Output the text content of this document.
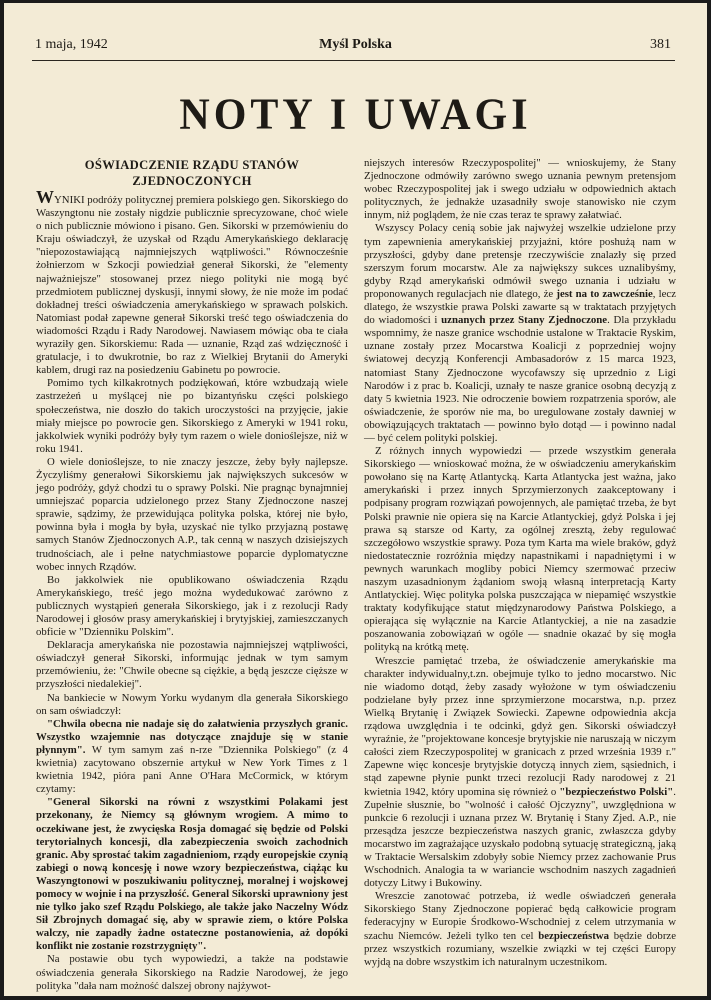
1 maja, 1942	Myśl Polska	381
NOTY I UWAGI
OŚWIADCZENIE RZĄDU STANÓW
ZJEDNOCZONYCH

WYNIKI podróży politycznej premiera polskiego gen. Sikorskiego do Waszyngtonu nie zostały nigdzie publicznie sprecyzowane, choć wiele o nich publicznie mówiono i pisano. Gen. Sikorski w przemówieniu do Kraju oświadczył, że uzyskał od Rządu Amerykańskiego deklarację "niepozostawiającą najmniejszych wątpliwości." Równocześnie żołnierzom w Szkocji powiedział generał Sikorski, że "elementy najważniejsze" stosowanej przez niego polityki nie mogą być przedmiotem publicznej dyskusji, innymi słowy, że nie może im podać dokładnej treści oświadczenia amerykańskiego w sprawach polskich. Natomiast podał zapewne generał Sikorski treść tego oświadczenia do wiadomości Rządu i Rady Narodowej. Nawiasem mówiąc oba te ciała wyraziły gen. Sikorskiemu: Rada — uznanie, Rząd zaś wdzięczność i gratulacje, i to dwukrotnie, bo raz z Wielkiej Brytanii do Ameryki kablem, drugi raz na posiedzeniu Gabinetu po powrocie.

Pomimo tych kilkakrotnych podziękowań, które wzbudzają wiele zastrzeżeń u myślącej nie po bizantyńsku części polskiego społeczeństwa, nie doszło do takich uroczystości na przyjęcie, jakie miały miejsce po powrocie gen. Sikorskiego z Ameryki w 1941 roku, jakkolwiek wyniki podróży były tym razem o wiele donioślejsze, niż w roku 1941.

O wiele donioślejsze, to nie znaczy jeszcze, żeby były najlepsze. Życzyliśmy generałowi Sikorskiemu jak największych sukcesów w jego podróży, gdyż chodzi tu o sprawy Polski. Nie pragnąc bynajmniej umniejszać poparcia udzielonego przez Stany Zjednoczone naszej sprawie, sądzimy, że przewidująca polityka polska, której nie było, powinna była i mogła by była, uzyskać nie tylko przyjazną postawę samych Stanów Zjednoczonych A.P., tak cenną w naszych dzisiejszych trudnościach, ale i pełne natychmiastowe poparcie dyplomatyczne wobec innych Rządów.

Bo jakkolwiek nie opublikowano oświadczenia Rządu Amerykańskiego, treść jego można wydedukować zarówno z publicznych wystąpień generała Sikorskiego, jak i z rezolucji Rady Narodowej i głosów prasy amerykańskiej i brytyjskiej, zamieszczanych obficie w "Dzienniku Polskim".

Deklaracja amerykańska nie pozostawia najmniejszej wątpliwości, oświadczył generał Sikorski, informując jednak w tym samym przemówieniu, że: "Chwile obecne są ciężkie, a będą jeszcze cięższe w przyszłości niedalekiej".

Na bankiecie w Nowym Yorku wydanym dla generała Sikorskiego on sam oświadczył:

"Chwila obecna nie nadaje się do załatwienia przyszłych granic. Wszystko wzajemnie nas dotyczące znajduje się w stanie płynnym". W tym samym zaś n-rze "Dziennika Polskiego" (z 4 kwietnia) zacytowano obszernie artykuł w New York Times z 1 kwietnia 1942, pióra pani Anne O'Hara McCormick, w którym czytamy:

"General Sikorski na równi z wszystkimi Polakami jest przekonany, że Niemcy są głównym wrogiem. A mimo to oczekiwane jest, że zwycięska Rosja domagać się będzie od Polski terytorialnych koncesji, dla zabezpieczenia swoich zachodnich granic. Aby sprostać takim zagadnieniom, rządy europejskie czynią zabiegi o nową koncesję i nowe wzory bezpieczeństwa, ciążąc ku Waszyngtonowi w poszukiwaniu politycznej, moralnej i wojskowej pomocy w wojnie i na przyszłość. General Sikorski uprawniony jest nie tylko jako szef Rządu Polskiego, ale także jako Naczelny Wódz Sił Zbrojnych domagać się, aby w sprawie ziem, o które Polska walczy, nie zapadły żadne ostateczne postanowienia, aż dopóki konflikt nie zostanie rozstrzygnięty".

Na postawie obu tych wypowiedzi, a także na podstawie oświadczenia generała Sikorskiego na Radzie Narodowej, że jego polityka "dała nam możność dalszej obrony najżywot-

niejszych interesów Rzeczypospolitej" — wnioskujemy, że Stany Zjednoczone odmówiły zarówno swego uznania pewnym pretensjom wobec Rzeczypospolitej jak i swego udziału w odpowiednich aktach politycznych, że jednakże uzasadniły swoje stanowisko nie czym innym, niż poglądem, że nie czas teraz te sprawy załatwiać.

Wszyscy Polacy cenią sobie jak najwyżej wszelkie udzielone przy tym zapewnienia amerykańskiej przyjaźni, które poshużą nam w przyszłości, gdyby dane pretensje rzeczywiście znalazły się przed szerszym forum mocarstw. Ale za największy sukces uznalibyśmy, gdyby Rząd amerykański odmówił swego uznania i udziału w proponowanych regulacjach nie dlatego, że jest na to zawcześnie, lecz dlatego, że wszystkie prawa Polski zawarte są w traktatach przyjętych do wiadomości i uznanych przez Stany Zjednoczone. Dla przykładu wspomnimy, że nasze granice wschodnie ustalone w Traktacie Ryskim, uznane zostały przez Mocarstwa Koalicji z poprzedniej wojny światowej decyzją Konferencji Ambasadorów z 15 marca 1923, natomiast Stany Zjednoczone wycofawszy się uprzednio z Ligi Narodów i z prac b. Koalicji, uznały te nasze granice osobną decyzją z daty 5 kwietnia 1923. Nie odroczenie bowiem rozpatrzenia sporów, ale oświadczenie, że sporów nie ma, bo uregulowane zostały dawniej w obowiązujących traktatach — powinno było dotąd — i powinno nadal — być celem polityki polskiej.

Z różnych innych wypowiedzi — przede wszystkim generała Sikorskiego — wnioskować można, że w oświadczeniu amerykańskim powołano się na Kartę Atlantycką. Karta Atlantycka jest ważna, jako amerykański i przez innych Sprzymierzonych zaakceptowany i podpisany program rozwiązań powojennych, ale pamiętać trzeba, że byt Polski prawnie nie opiera się na Karcie Atlantyckiej, gdyż Polska i jej prawa są starsze od Karty, za ogólnej zresztą, żeby regulować szczegółowo wszystkie sprawy. Poza tym Karta ma wiele braków, gdyż niedostatecznie rozróżnia między napastnikami i napadniętymi i w pewnych warunkach mogliby pobici Niemcy szermować przeciw naszym uzasadnionym żądaniom swoją własną interpretacją Karty Antlatyckiej. Więc polityka polska puszczająca w niepamięć wszystkie traktaty kodyfikujące statut międzynarodowy Państwa Polskiego, a opierająca się wyłącznie na Karcie Atlantyckiej, a nie na zasadzie poszanowania zobowiązań w ogóle — snadnie okazać by się mogła polityką na krótką metę.

Wreszcie pamiętać trzeba, że oświadczenie amerykańskie ma charakter indywidualny,t.zn. obejmuje tylko to jedno mocarstwo. Nic nie wiadomo dotąd, żeby zasady wyłożone w tym oświadczeniu podzielane były przez inne sprzymierzone mocarstwa, n.p. przez Wielką Brytanię i Związek Sowiecki. Zapewne odpowiednia akcja rządowa uwzględnia i te odcinki, gdyż gen. Sikorski oświadczył wyraźnie, że "projektowane koncesje brytyjskie nie naruszają w niczym całości ziem Rzeczypospolitej w granicach z przed września 1939 r." Zapewne więc koncesje brytyjskie dotyczą innych ziem, sąsiednich, i stąd zapewne płynie punkt trzeci rezolucji Rady narodowej z 21 kwietnia 1942, który upomina się również o "bezpieczeństwo Polski". Zupełnie słusznie, bo "wolność i całość Ojczyzny", uwzględniona w punkcie 6 rezolucji i uznana przez W. Brytanię i Stany Zjed. A.P., nie przesądza jeszcze bezpieczeństwa naszych granic, zwłaszcza gdyby mocarstwo im zagrażające uzyskało podobną sytuację strategiczną, jaką w Traktacie Wersalskim zdobyły sobie Niemcy przez zachowanie Prus Wschodnich. Analogia ta w wariancie wschodnim naszych zagadnień dotyczy Litwy i Bukowiny.

Wreszcie zanotować potrzeba, iż wedle oświadczeń generała Sikorskiego Stany Zjednoczone popierać będą całkowicie program federacyjny w Europie Środkowo-Wschodniej z celem utrzymania w szachu Niemców. Jeżeli tylko ten cel bezpieczeństwa będzie dobrze przez wszystkich rozumiany, wszelkie związki w tej części Europy wyjdą na dobre wszystkim ich naturalnym uczestnikom.
